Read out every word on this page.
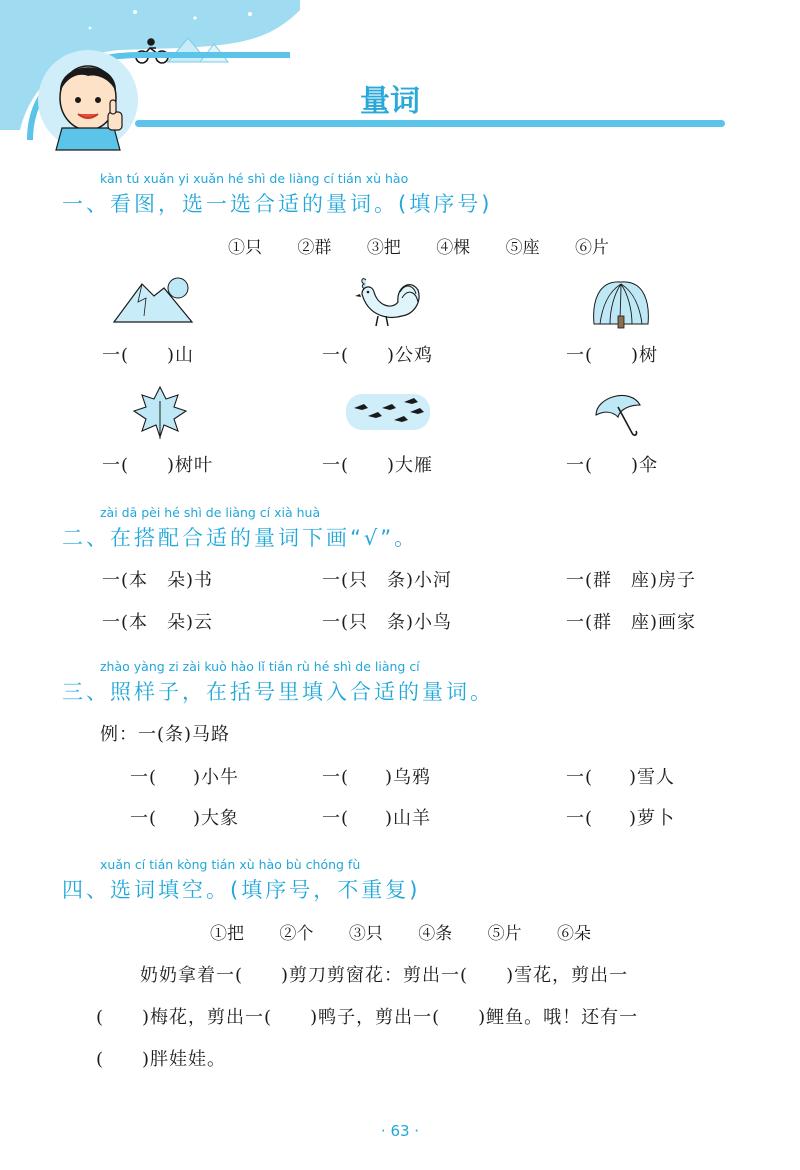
量词
kàn tú xuǎn yi xuǎn hé shì de liàng cí tián xù hào
一、看图，选一选合适的量词。(填序号)
①只 ②群 ③把 ④棵 ⑤座 ⑥片
一( )山	一( )公鸡	一( )树
一( )树叶	一( )大雁	一( )伞
zài dā pèi hé shì de liàng cí xià huà
二、在搭配合适的量词下画“√”。
一(本　朵)书	一(只　条)小河	一(群　座)房子
一(本　朵)云	一(只　条)小鸟	一(群　座)画家
zhào yàng zi zài kuò hào lǐ tián rù hé shì de liàng cí
三、照样子，在括号里填入合适的量词。
例：一(条)马路
一( )小牛	一( )乌鸦	一( )雪人
一( )大象	一( )山羊	一( )萝卜
xuǎn cí tián kòng tián xù hào bù chóng fù
四、选词填空。(填序号，不重复)
①把 ②个 ③只 ④条 ⑤片 ⑥朵
奶奶拿着一(　　)剪刀剪窗花：剪出一(　　)雪花，剪出一
(　　)梅花，剪出一(　　)鸭子，剪出一(　　)鲤鱼。哦！还有一
(　　)胖娃娃。
· 63 ·
